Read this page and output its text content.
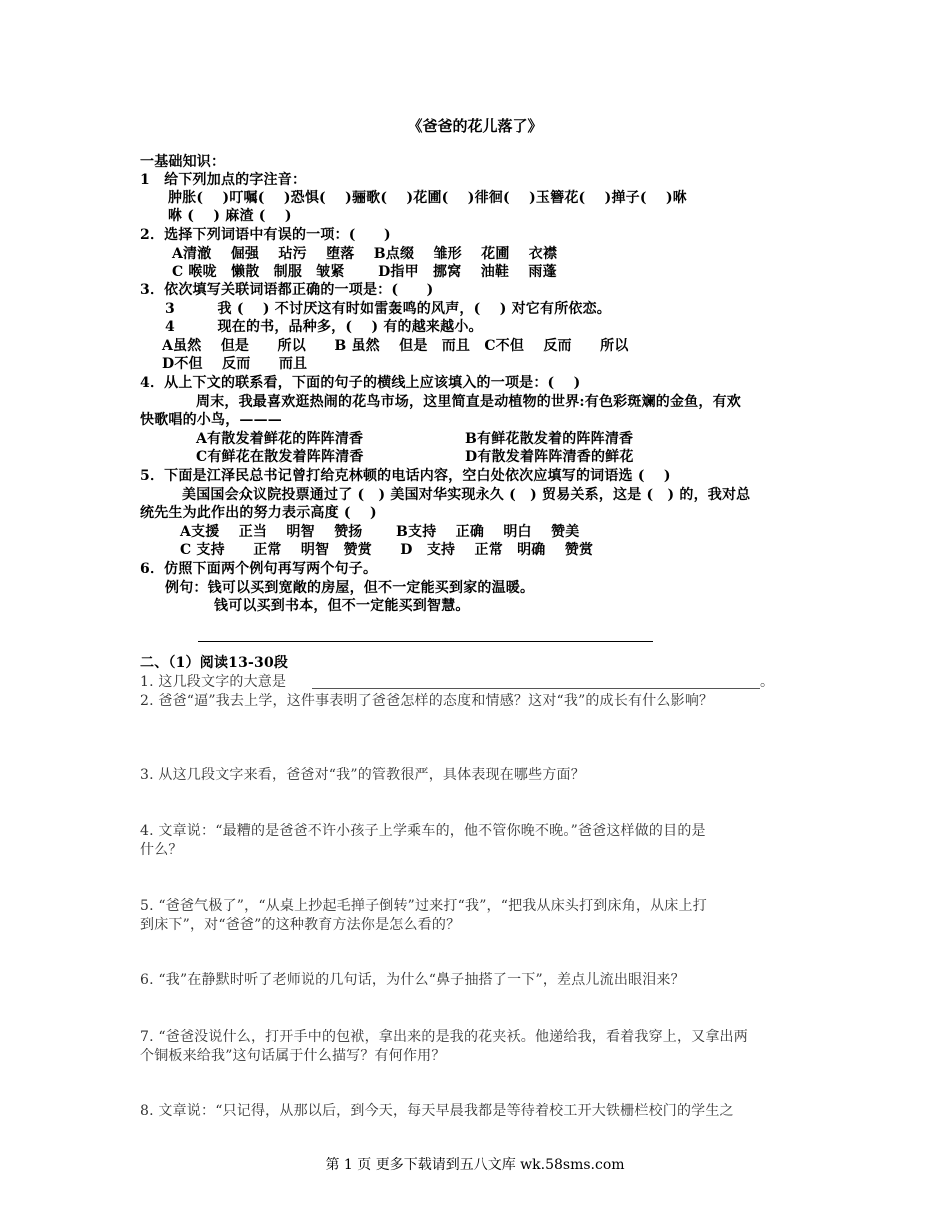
《爸爸的花儿落了》
一基础知识：
1　给下列加点的字注音：
肿胀(　 )叮嘱(　 )恐惧(　 )骊歌(　 )花圃(　 )徘徊(　 )玉簪花(　 )掸子(　 )咻
咻 (　 ) 麻渣 (　 )
2．选择下列词语中有误的一项：(　　)
A清澈　 倔强　 玷污　 堕落　 B点缀　 雏形　 花圃　 衣襟
C 喉咙　懒散　制服　皱紧　　 D指甲　挪窝　 油鞋　 雨蓬
3．依次填写关联词语都正确的一项是：(　　)
3　　　我 (　 ) 不讨厌这有时如雷轰鸣的风声，(　 ) 对它有所依恋。
4　　　现在的书，品种多，(　 ) 有的越来越小。
A虽然　 但是　　所以　　B 虽然　 但是　而且　C不但　 反而　　所以
D不但　 反而　　而且
4．从上下文的联系看，下面的句子的横线上应该填入的一项是：(　 )
周末，我最喜欢逛热闹的花鸟市场，这里简直是动植物的世界:有色彩斑斓的金鱼，有欢
快歌唱的小鸟，———
A有散发着鲜花的阵阵清香	B有鲜花散发着的阵阵清香
C有鲜花在散发着阵阵清香	D有散发着阵阵清香的鲜花
5．下面是江泽民总书记曾打给克林顿的电话内容，空白处依次应填写的词语选 (　 )
美国国会众议院投票通过了 (　) 美国对华实现永久 (　) 贸易关系，这是 (　) 的，我对总
统先生为此作出的努力表示高度 (　 )
A支援　 正当　 明智　 赞扬　　 B支持　 正确　 明白　 赞美
C 支持　　正常　 明智　赞赏　　D　支持　 正常　明确　 赞赏
6．仿照下面两个例句再写两个句子。
例句：钱可以买到宽敞的房屋，但不一定能买到家的温暖。
钱可以买到书本，但不一定能买到智慧。
二、（1）阅读13-30段
1. 这几段文字的大意是	。
2. 爸爸“逼”我去上学，这件事表明了爸爸怎样的态度和情感？这对“我”的成长有什么影响？
3. 从这几段文字来看，爸爸对“我”的管教很严，具体表现在哪些方面？
4. 文章说：“最糟的是爸爸不许小孩子上学乘车的，他不管你晚不晚。”爸爸这样做的目的是
什么？
5. “爸爸气极了”，“从桌上抄起毛掸子倒转”过来打“我”，“把我从床头打到床角，从床上打
到床下”，对“爸爸”的这种教育方法你是怎么看的？
6. “我”在静默时听了老师说的几句话，为什么“鼻子抽搭了一下”，差点儿流出眼泪来？
7. “爸爸没说什么，打开手中的包袱，拿出来的是我的花夹袄。他递给我，看着我穿上，又拿出两
个铜板来给我”这句话属于什么描写？有何作用？
8. 文章说：“只记得，从那以后，到今天，每天早晨我都是等待着校工开大铁栅栏校门的学生之
第 1 页 更多下载请到五八文库 wk.58sms.com
